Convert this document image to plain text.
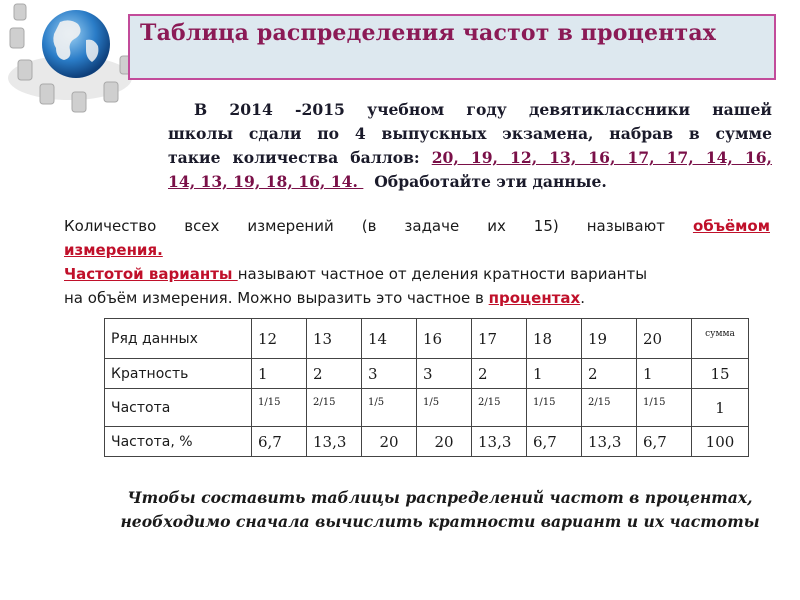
Таблица распределения частот в процентах
В 2014 -2015 учебном году девятиклассники нашей
школы сдали по 4 выпускных экзамена, набрав в сумме
такие количества баллов: 20, 19, 12, 13, 16, 17, 17, 14, 16,
14, 13, 19, 18, 16, 14.   Обработайте эти данные.
Количество всех измерений (в задаче их 15) называют объёмом
измерения.
Частотой варианты называют частное от деления кратности варианты
на объём измерения. Можно выразить это частное в процентах.
Ряд данных	12	13	14	16	17	18	19	20	сумма
Кратность	1	2	3	3	2	1	2	1	15
Частота	1/15	2/15	1/5	1/5	2/15	1/15	2/15	1/15	1
Частота, %	6,7	13,3	20	20	13,3	6,7	13,3	6,7	100
Чтобы составить таблицы распределений частот в процентах,
необходимо сначала вычислить кратности вариант и их частоты
